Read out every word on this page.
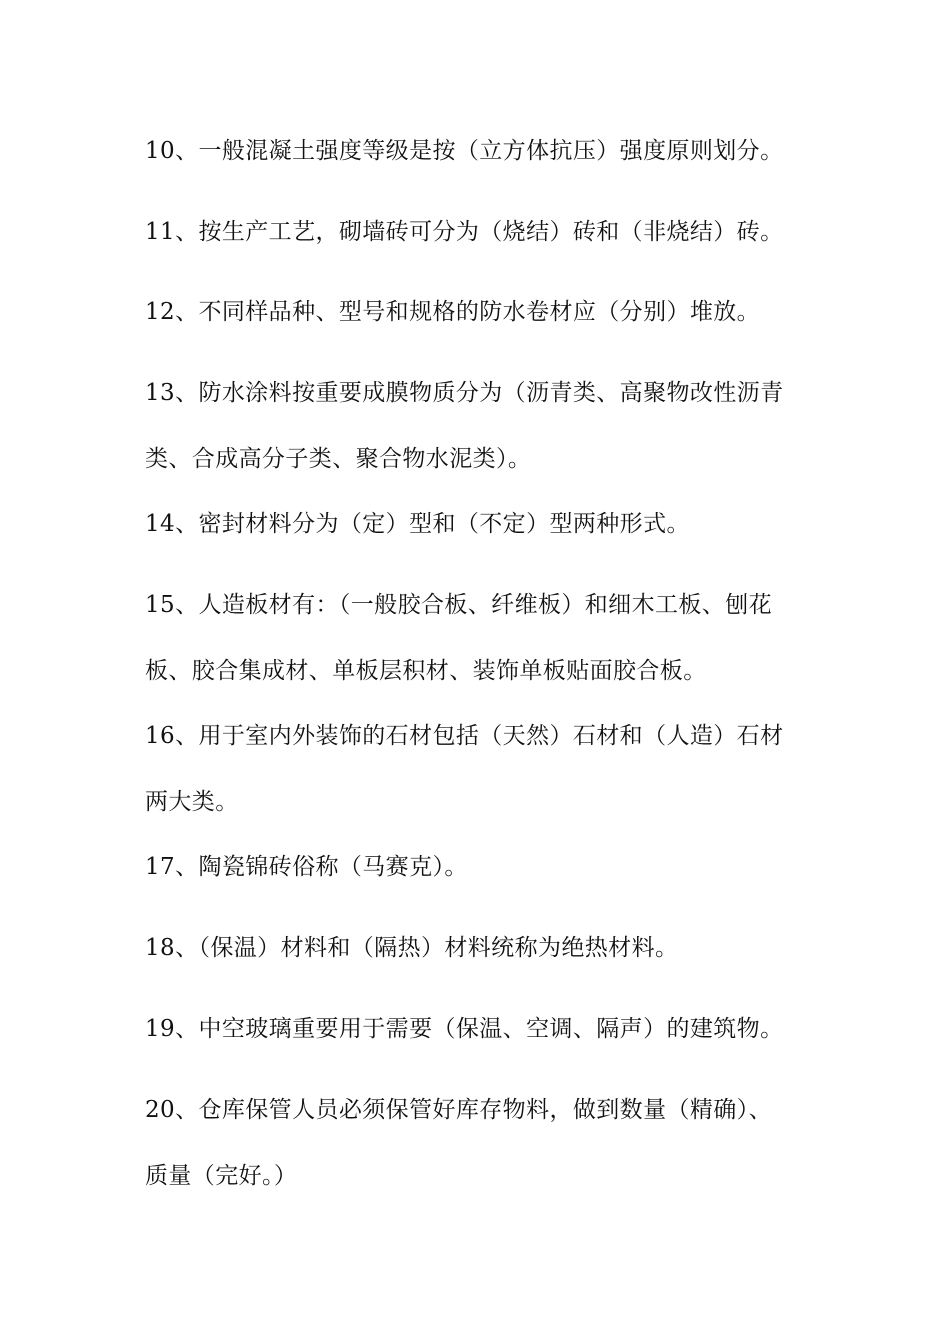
10、一般混凝土强度等级是按（立方体抗压）强度原则划分。
11、按生产工艺，砌墙砖可分为（烧结）砖和（非烧结）砖。
12、不同样品种、型号和规格的防水卷材应（分别）堆放。
13、防水涂料按重要成膜物质分为（沥青类、高聚物改性沥青
类、合成高分子类、聚合物水泥类）。
14、密封材料分为（定）型和（不定）型两种形式。
15、人造板材有：（一般胶合板、纤维板）和细木工板、刨花
板、胶合集成材、单板层积材、装饰单板贴面胶合板。
16、用于室内外装饰的石材包括（天然）石材和（人造）石材
两大类。
17、陶瓷锦砖俗称（马赛克）。
18、（保温）材料和（隔热）材料统称为绝热材料。
19、中空玻璃重要用于需要（保温、空调、隔声）的建筑物。
20、仓库保管人员必须保管好库存物料，做到数量（精确）、
质量（完好。）
